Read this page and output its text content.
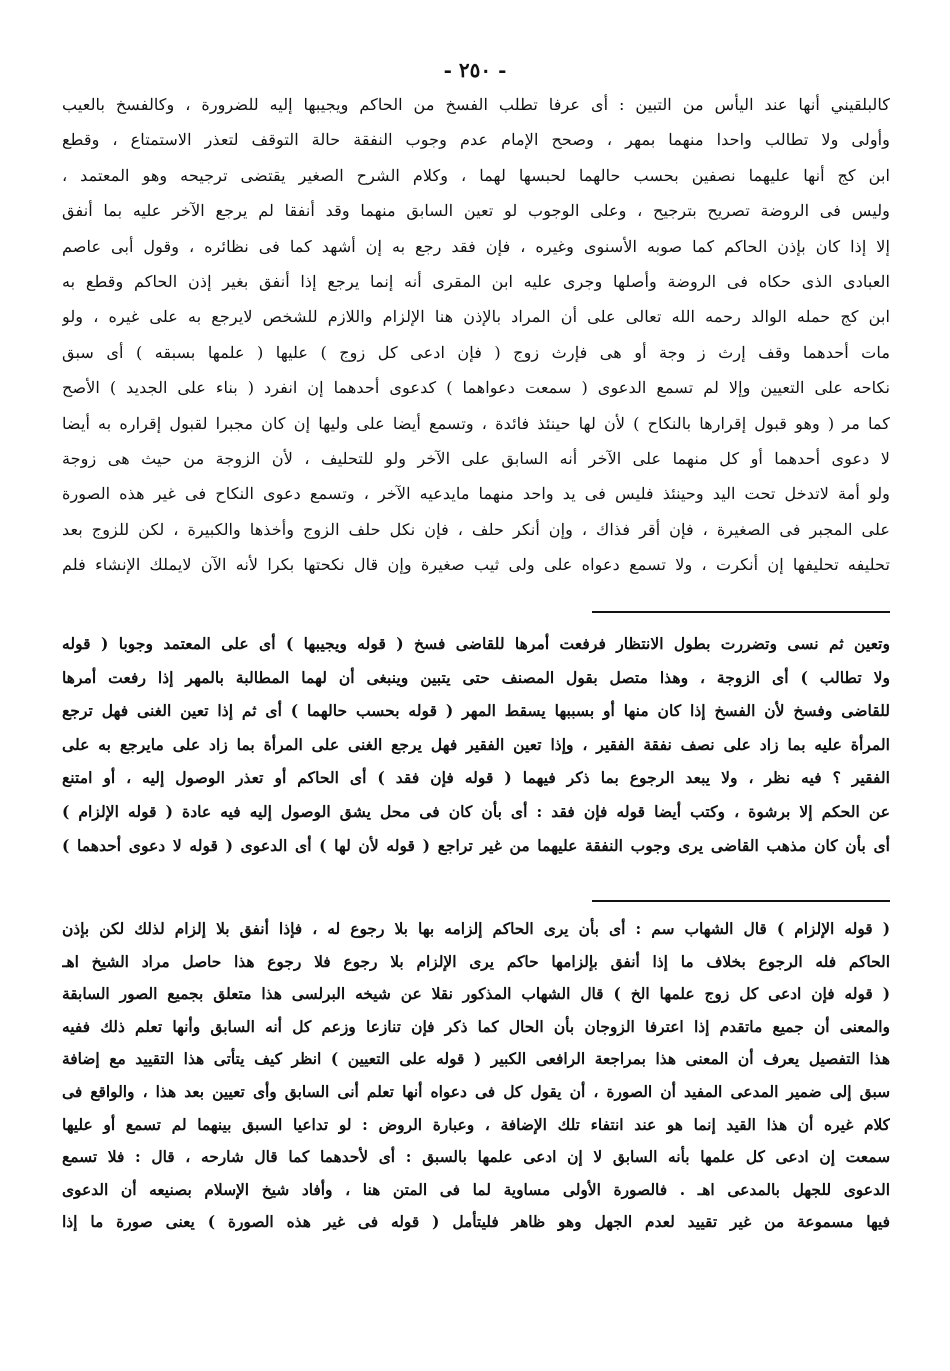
- ٢٥٠ -
كالبلقيني أنها عند اليأس من التبين : أى عرفا تطلب الفسخ من الحاكم ويجيبها إليه للضرورة ، وكالفسخ بالعيب
وأولى ولا تطالب واحدا منهما بمهر ، وصحح الإمام عدم وجوب النفقة حالة التوقف لتعذر الاستمتاع ، وقطع
ابن كج أنها عليهما نصفين بحسب حالهما لحبسها لهما ، وكلام الشرح الصغير يقتضى ترجيحه وهو المعتمد ،
وليس فى الروضة تصريح بترجيح ، وعلى الوجوب لو تعين السابق منهما وقد أنفقا لم يرجع الآخر عليه بما أنفق
إلا إذا كان بإذن الحاكم كما صوبه الأسنوى وغيره ، فإن فقد رجع به إن أشهد كما فى نظائره ، وقول أبى عاصم
العبادى الذى حكاه فى الروضة وأصلها وجرى عليه ابن المقرى أنه إنما يرجع إذا أنفق بغير إذن الحاكم وقطع به
ابن كج حمله الوالد رحمه الله تعالى على أن المراد بالإذن هنا الإلزام واللازم للشخص لايرجع به على غيره ، ولو
مات أحدهما وقف إرث ز وجة أو هى فإرث زوج ( فإن ادعى كل زوج ) عليها ( علمها بسبقه ) أى سبق
نكاحه على التعيين وإلا لم تسمع الدعوى ( سمعت دعواهما ) كدعوى أحدهما إن انفرد ( بناء على الجديد ) الأصح
كما مر ( وهو قبول إقرارها بالنكاح ) لأن لها حينئذ فائدة ، وتسمع أيضا على وليها إن كان مجبرا لقبول إقراره به أيضا
لا دعوى أحدهما أو كل منهما على الآخر أنه السابق على الآخر ولو للتحليف ، لأن الزوجة من حيث هى زوجة
ولو أمة لاتدخل تحت اليد وحينئذ فليس فى يد واحد منهما مايدعيه الآخر ، وتسمع دعوى النكاح فى غير هذه الصورة
على المجبر فى الصغيرة ، فإن أقر فذاك ، وإن أنكر حلف ، فإن نكل حلف الزوج وأخذها والكبيرة ، لكن للزوج بعد
تحليفه تحليفها إن أنكرت ، ولا تسمع دعواه على ولى ثيب صغيرة وإن قال نكحتها بكرا لأنه الآن لايملك الإنشاء فلم
وتعين ثم نسى وتضررت بطول الانتظار فرفعت أمرها للقاضى فسخ ( قوله ويجيبها ) أى على المعتمد وجوبا ( قوله
ولا تطالب ) أى الزوجة ، وهذا متصل بقول المصنف حتى يتبين وينبغى أن لهما المطالبة بالمهر إذا رفعت أمرها
للقاضى وفسخ لأن الفسخ إذا كان منها أو بسببها يسقط المهر ( قوله بحسب حالهما ) أى ثم إذا تعين الغنى فهل ترجع
المرأة عليه بما زاد على نصف نفقة الفقير ، وإذا تعين الفقير فهل يرجع الغنى على المرأة بما زاد على مايرجع به على
الفقير ؟ فيه نظر ، ولا يبعد الرجوع بما ذكر فيهما ( قوله فإن فقد ) أى الحاكم أو تعذر الوصول إليه ، أو امتنع
عن الحكم إلا برشوة ، وكتب أيضا قوله فإن فقد : أى بأن كان فى محل يشق الوصول إليه فيه عادة ( قوله الإلزام )
أى بأن كان مذهب القاضى يرى وجوب النفقة عليهما من غير تراجع ( قوله لأن لها ) أى الدعوى ( قوله لا دعوى أحدهما )
( قوله الإلزام ) قال الشهاب سم : أى بأن يرى الحاكم إلزامه بها بلا رجوع له ، فإذا أنفق بلا إلزام لذلك لكن بإذن
الحاكم فله الرجوع بخلاف ما إذا أنفق بإلزامها حاكم يرى الإلزام بلا رجوع فلا رجوع هذا حاصل مراد الشيخ اهـ
( قوله فإن ادعى كل زوج علمها الخ ) قال الشهاب المذكور نقلا عن شيخه البرلسى هذا متعلق بجميع الصور السابقة
والمعنى أن جميع ماتقدم إذا اعترفا الزوجان بأن الحال كما ذكر فإن تنازعا وزعم كل أنه السابق وأنها تعلم ذلك ففيه
هذا التفصيل يعرف أن المعنى هذا بمراجعة الرافعى الكبير ( قوله على التعيين ) انظر كيف يتأتى هذا التقييد مع إضافة
سبق إلى ضمير المدعى المفيد أن الصورة ، أن يقول كل فى دعواه أنها تعلم أنى السابق وأى تعيين بعد هذا ، والواقع فى
كلام غيره أن هذا القيد إنما هو عند انتفاء تلك الإضافة ، وعبارة الروض : لو تداعيا السبق بينهما لم تسمع أو عليها
سمعت إن ادعى كل علمها بأنه السابق لا إن ادعى علمها بالسبق : أى لأحدهما كما قال شارحه ، قال : فلا تسمع
الدعوى للجهل بالمدعى اهـ . فالصورة الأولى مساوية لما فى المتن هنا ، وأفاد شيخ الإسلام بصنيعه أن الدعوى
فيها مسموعة من غير تقييد لعدم الجهل وهو ظاهر فليتأمل ( قوله فى غير هذه الصورة ) يعنى صورة ما إذا
